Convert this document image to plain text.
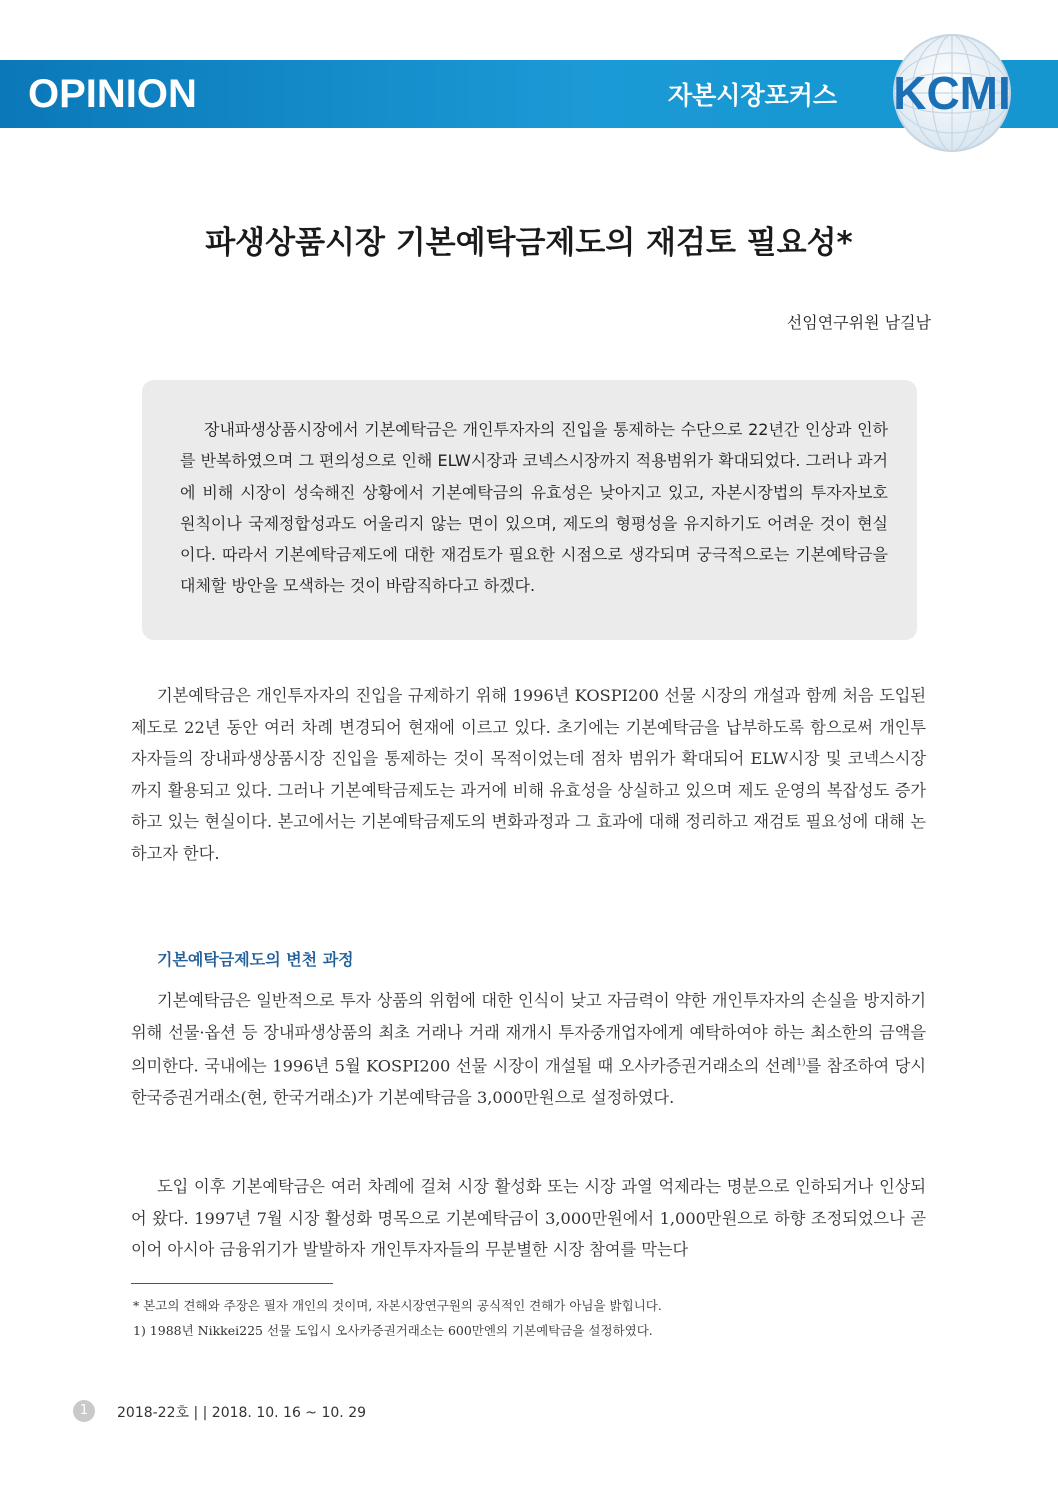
OPINION	자본시장포커스 KCMI
파생상품시장 기본예탁금제도의 재검토 필요성*
선임연구위원 남길남

장내파생상품시장에서 기본예탁금은 개인투자자의 진입을 통제하는 수단으로 22년간 인상과 인하를 반복하였으며 그 편의성으로 인해 ELW시장과 코넥스시장까지 적용범위가 확대되었다. 그러나 과거에 비해 시장이 성숙해진 상황에서 기본예탁금의 유효성은 낮아지고 있고, 자본시장법의 투자자보호 원칙이나 국제정합성과도 어울리지 않는 면이 있으며, 제도의 형평성을 유지하기도 어려운 것이 현실이다. 따라서 기본예탁금제도에 대한 재검토가 필요한 시점으로 생각되며 궁극적으로는 기본예탁금을 대체할 방안을 모색하는 것이 바람직하다고 하겠다.

기본예탁금은 개인투자자의 진입을 규제하기 위해 1996년 KOSPI200 선물 시장의 개설과 함께 처음 도입된 제도로 22년 동안 여러 차례 변경되어 현재에 이르고 있다. 초기에는 기본예탁금을 납부하도록 함으로써 개인투자자들의 장내파생상품시장 진입을 통제하는 것이 목적이었는데 점차 범위가 확대되어 ELW시장 및 코넥스시장까지 활용되고 있다. 그러나 기본예탁금제도는 과거에 비해 유효성을 상실하고 있으며 제도 운영의 복잡성도 증가하고 있는 현실이다. 본고에서는 기본예탁금제도의 변화과정과 그 효과에 대해 정리하고 재검토 필요성에 대해 논하고자 한다.

기본예탁금제도의 변천 과정

기본예탁금은 일반적으로 투자 상품의 위험에 대한 인식이 낮고 자금력이 약한 개인투자자의 손실을 방지하기 위해 선물·옵션 등 장내파생상품의 최초 거래나 거래 재개시 투자중개업자에게 예탁하여야 하는 최소한의 금액을 의미한다. 국내에는 1996년 5월 KOSPI200 선물 시장이 개설될 때 오사카증권거래소의 선례$^{1)}$를 참조하여 당시 한국증권거래소(현, 한국거래소)가 기본예탁금을 3,000만원으로 설정하였다.

도입 이후 기본예탁금은 여러 차례에 걸쳐 시장 활성화 또는 시장 과열 억제라는 명분으로 인하되거나 인상되어 왔다. 1997년 7월 시장 활성화 명목으로 기본예탁금이 3,000만원에서 1,000만원으로 하향 조정되었으나 곧이어 아시아 금융위기가 발발하자 개인투자자들의 무분별한 시장 참여를 막는다

* 본고의 견해와 주장은 필자 개인의 것이며, 자본시장연구원의 공식적인 견해가 아님을 밝힙니다.
1) 1988년 Nikkei225 선물 도입시 오사카증권거래소는 600만엔의 기본예탁금을 설정하였다.
1	2018-22호 | | 2018. 10. 16 ~ 10. 29
